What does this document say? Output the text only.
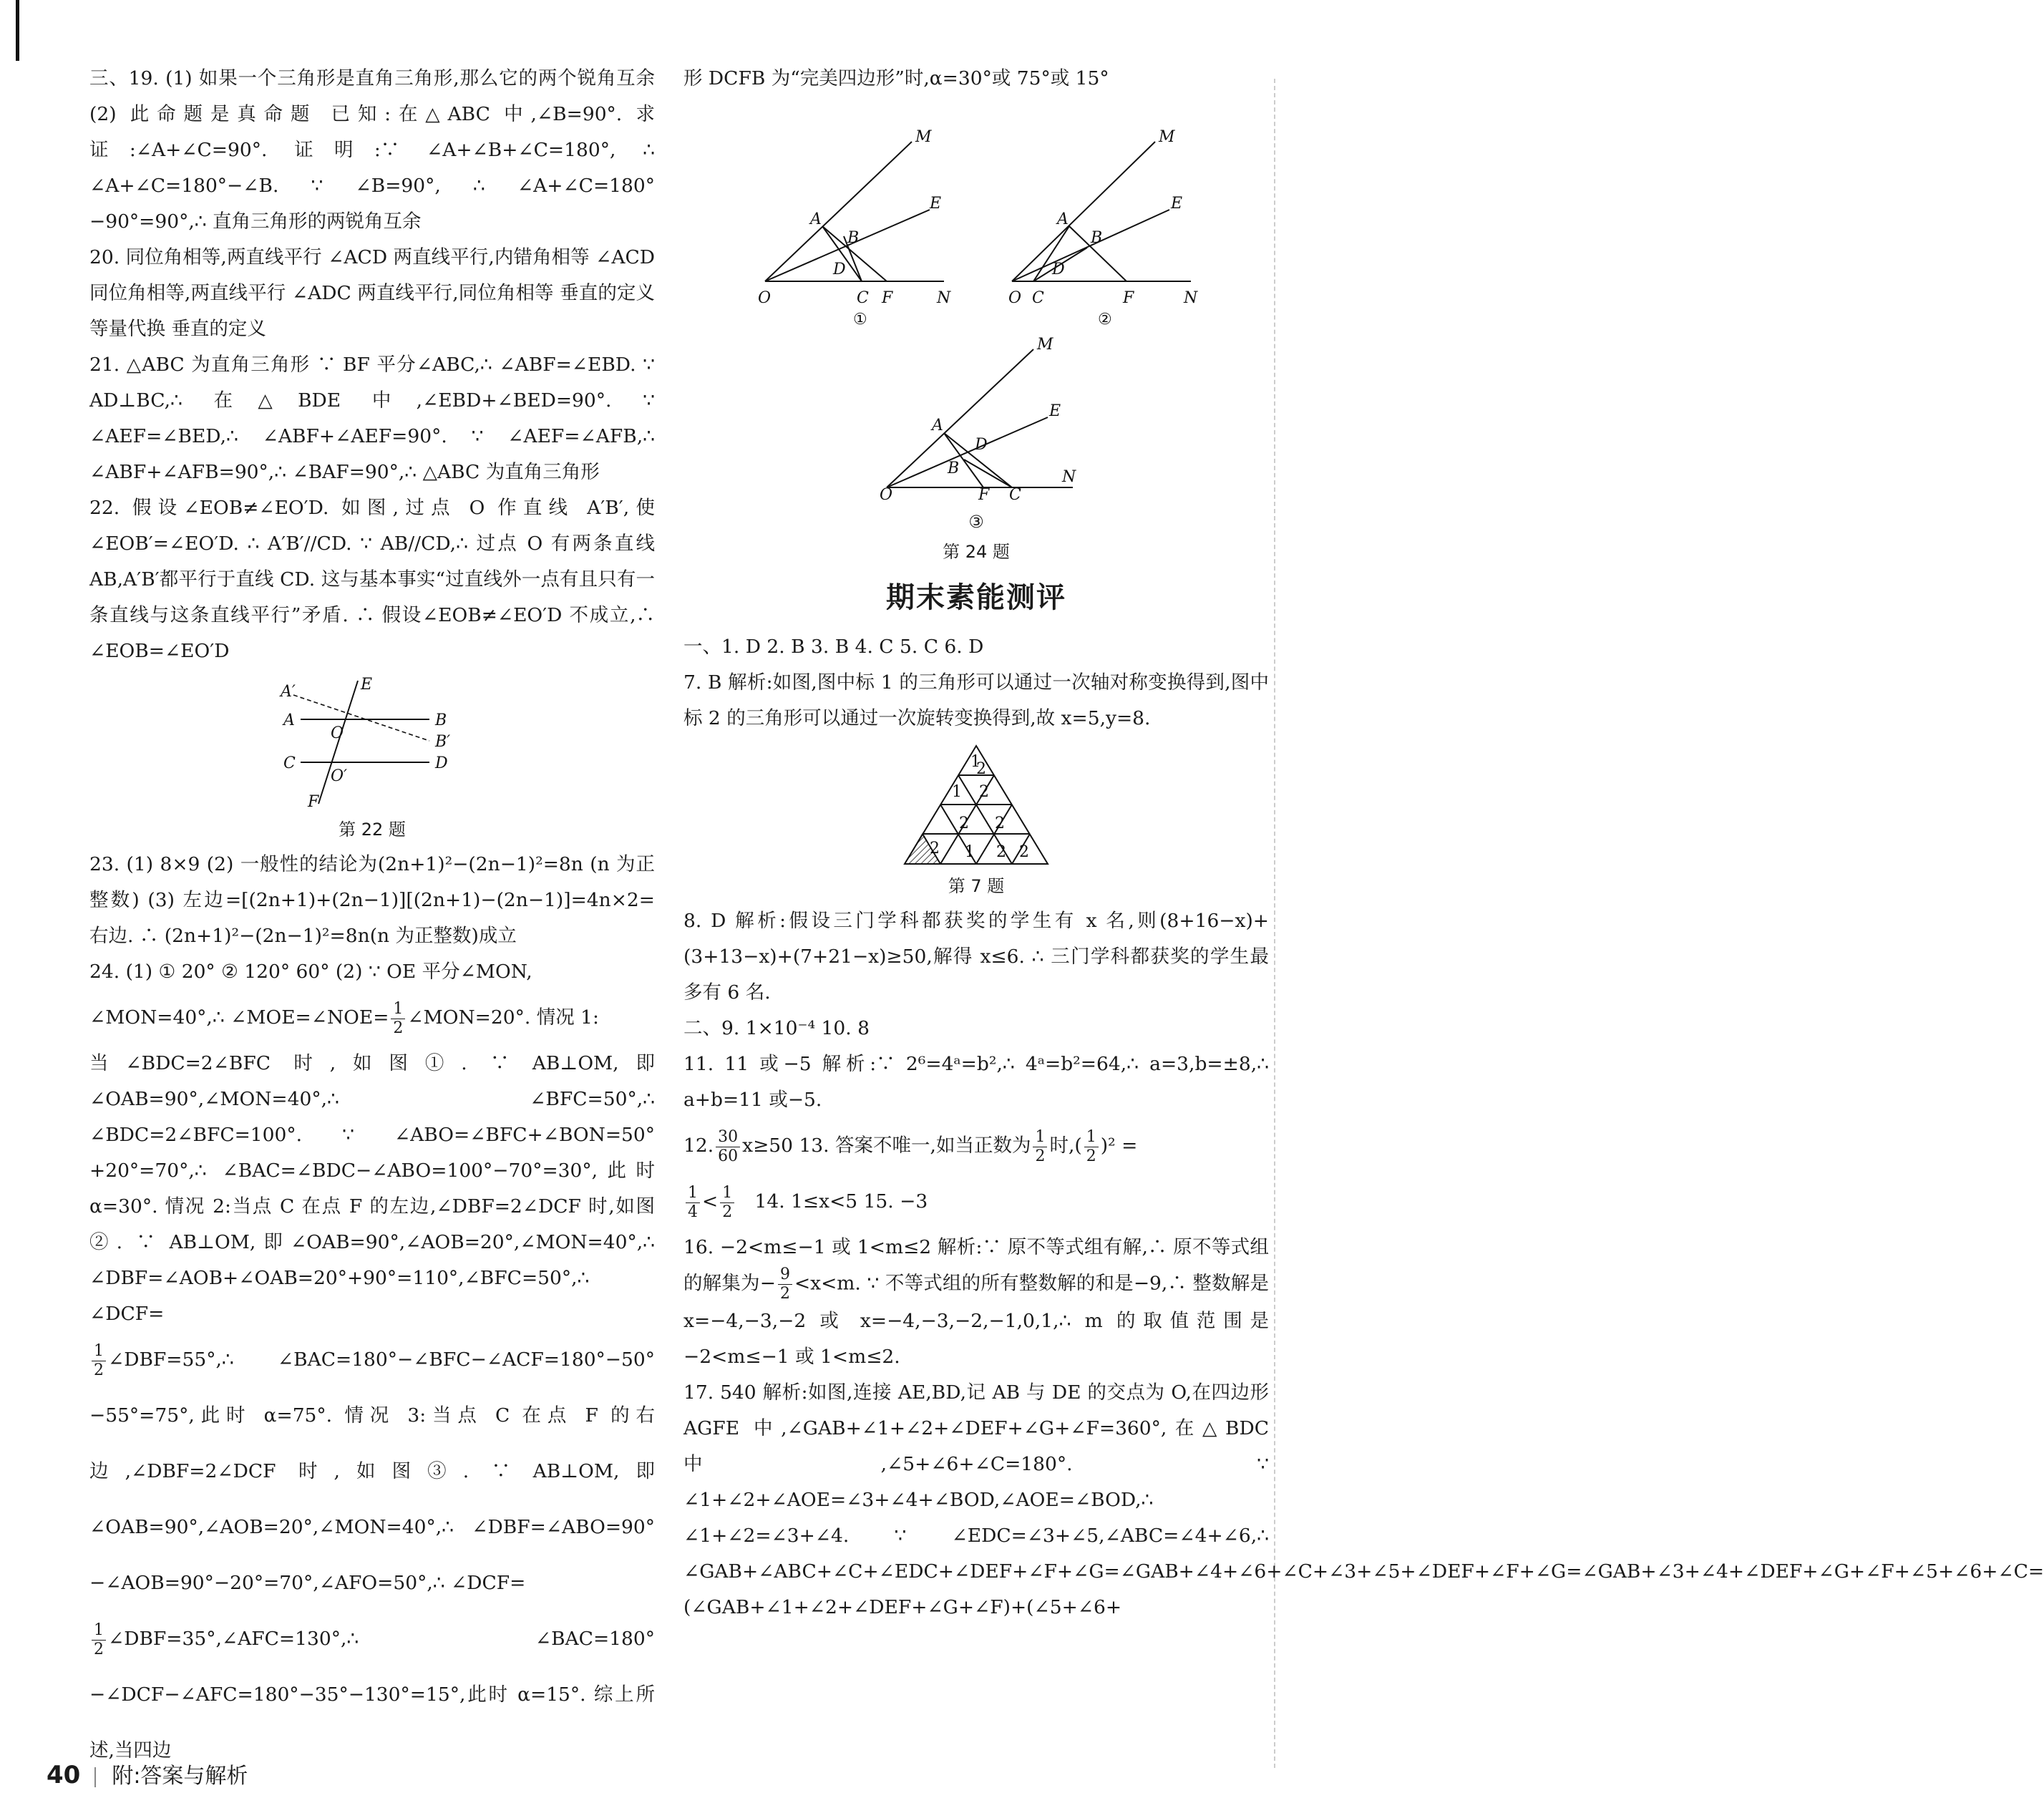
三、19. (1) 如果一个三角形是直角三角形,那么它的两个锐角互余 (2) 此命题是真命题 已知:在△ABC 中,∠B=90°. 求证:∠A+∠C=90°. 证明:∵ ∠A+∠B+∠C=180°, ∴ ∠A+∠C=180°−∠B. ∵ ∠B=90°, ∴ ∠A+∠C=180°−90°=90°,∴ 直角三角形的两锐角互余

20. 同位角相等,两直线平行 ∠ACD 两直线平行,内错角相等 ∠ACD 同位角相等,两直线平行 ∠ADC 两直线平行,同位角相等 垂直的定义 等量代换 垂直的定义

21. △ABC 为直角三角形 ∵ BF 平分∠ABC,∴ ∠ABF=∠EBD. ∵ AD⊥BC,∴ 在△BDE 中,∠EBD+∠BED=90°. ∵ ∠AEF=∠BED,∴ ∠ABF+∠AEF=90°. ∵ ∠AEF=∠AFB,∴ ∠ABF+∠AFB=90°,∴ ∠BAF=90°,∴ △ABC 为直角三角形

22. 假设∠EOB≠∠EO′D. 如图,过点 O 作直线 A′B′,使∠EOB′=∠EO′D. ∴ A′B′//CD. ∵ AB//CD,∴ 过点 O 有两条直线 AB,A′B′都平行于直线 CD. 这与基本事实“过直线外一点有且只有一条直线与这条直线平行”矛盾. ∴ 假设∠EOB≠∠EO′D 不成立,∴ ∠EOB=∠EO′D

A′
A
C
E
O
O′
B
B′
D
F

第 22 题

23. (1) 8×9 (2) 一般性的结论为(2n+1)²−(2n−1)²=8n (n 为正整数) (3) 左边=[(2n+1)+(2n−1)][(2n+1)−(2n−1)]=4n×2=右边. ∴ (2n+1)²−(2n−1)²=8n(n 为正整数)成立

24. (1) ① 20° ② 120° 60° (2) ∵ OE 平分∠MON,

∠MON=40°,∴ ∠MOE=∠NOE= $\frac{1}{2}$ ∠MON=20°. 情况 1:

当∠BDC=2∠BFC 时,如图①. ∵ AB⊥OM,即∠OAB=90°,∠MON=40°,∴ ∠BFC=50°,∴ ∠BDC=2∠BFC=100°. ∵ ∠ABO=∠BFC+∠BON=50°+20°=70°,∴ ∠BAC=∠BDC−∠ABO=100°−70°=30°,此时 α=30°. 情况 2:当点 C 在点 F 的左边,∠DBF=2∠DCF 时,如图②. ∵ AB⊥OM,即∠OAB=90°,∠AOB=20°,∠MON=40°,∴ ∠DBF=∠AOB+∠OAB=20°+90°=110°,∠BFC=50°,∴ ∠DCF=

$\frac{1}{2}$ ∠DBF=55°,∴ ∠BAC=180°−∠BFC−∠ACF=180°−50°−55°=75°,此时 α=75°. 情况 3:当点 C 在点 F 的右边,∠DBF=2∠DCF 时,如图③. ∵ AB⊥OM,即∠OAB=90°,∠AOB=20°,∠MON=40°,∴ ∠DBF=∠ABO=90°−∠AOB=90°−20°=70°,∠AFO=50°,∴ ∠DCF=

$\frac{1}{2}$ ∠DBF=35°,∠AFC=130°,∴ ∠BAC=180°−∠DCF−∠AFC=180°−35°−130°=15°,此时 α=15°. 综上所述,当四边

形 DCFB 为“完美四边形”时,α=30°或 75°或 15°

M
E
A
B
D
O	C F	N
①
M
E
A
B
D
O C	F	N
②
M
E
A
D
B
O	F C
N

③

第 24 题

期末素能测评

一、1. D 2. B 3. B 4. C 5. C 6. D

7. B 解析:如图,图中标 1 的三角形可以通过一次轴对称变换得到,图中标 2 的三角形可以通过一次旋转变换得到,故 x=5,y=8.

1
2
1 2
2 2
2 1 2 2

第 7 题

8. D 解析:假设三门学科都获奖的学生有 x 名,则(8+16−x)+(3+13−x)+(7+21−x)≥50,解得 x≤6. ∴ 三门学科都获奖的学生最多有 6 名.

二、9. 1×10⁻⁴ 10. 8

11. 11 或−5 解析:∵ 2⁶=4ᵃ=b²,∴ 4ᵃ=b²=64,∴ a=3,b=±8,∴ a+b=11 或−5.

12. $\frac{30}{60} x\ge 50$ 13. 答案不唯一,如当正数为 $\frac{1}{2}$ 时,( $\frac{1}{2} )^2$ =

$\frac{1}{4} < \frac{1}{2} 14$. 1≤x<5 15. −3

16. −2<m≤−1 或 1<m≤2 解析:∵ 原不等式组有解,∴ 原不等式组的解集为− $\frac{9}{2} <x<m$. ∵ 不等式组的所有整数解的和是−9,∴ 整数解是 x=−4,−3,−2 或 x=−4,−3,−2,−1,0,1,∴ m 的取值范围是−2<m≤−1 或 1<m≤2.

17. 540 解析:如图,连接 AE,BD,记 AB 与 DE 的交点为 O,在四边形 AGFE 中,∠GAB+∠1+∠2+∠DEF+∠G+∠F=360°,在△BDC 中,∠5+∠6+∠C=180°. ∵ ∠1+∠2+∠AOE=∠3+∠4+∠BOD,∠AOE=∠BOD,∴ ∠1+∠2=∠3+∠4. ∵ ∠EDC=∠3+∠5,∠ABC=∠4+∠6,∴ ∠GAB+∠ABC+∠C+∠EDC+∠DEF+∠F+∠G=∠GAB+∠4+∠6+∠C+∠3+∠5+∠DEF+∠F+∠G=∠GAB+∠3+∠4+∠DEF+∠G+∠F+∠5+∠6+∠C=(∠GAB+∠1+∠2+∠DEF+∠G+∠F)+(∠5+∠6+

40 附:答案与解析
